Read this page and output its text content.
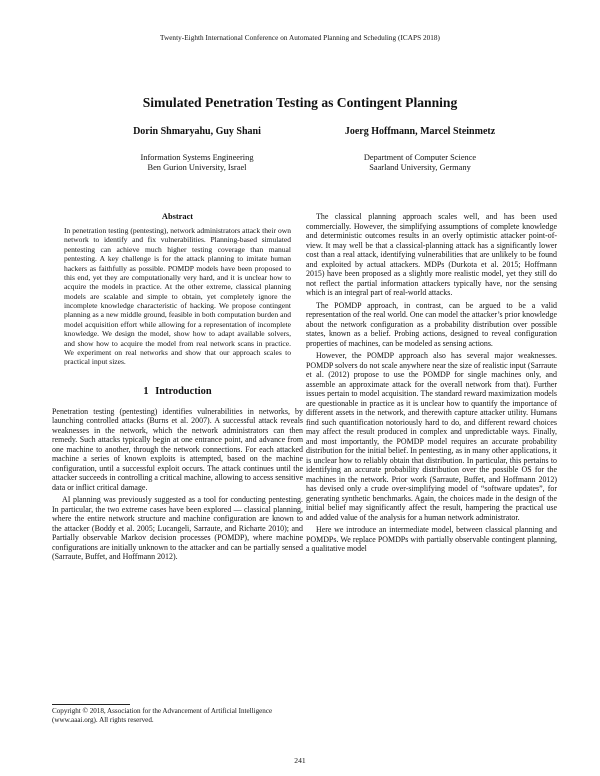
Twenty-Eighth International Conference on Automated Planning and Scheduling (ICAPS 2018)
Simulated Penetration Testing as Contingent Planning
Dorin Shmaryahu, Guy Shani
Information Systems Engineering
Ben Gurion University, Israel
Joerg Hoffmann, Marcel Steinmetz
Department of Computer Science
Saarland University, Germany
Abstract

In penetration testing (pentesting), network administrators attack their own network to identify and fix vulnerabilities. Planning-based simulated pentesting can achieve much higher testing coverage than manual pentesting. A key challenge is for the attack planning to imitate human hackers as faithfully as possible. POMDP models have been proposed to this end, yet they are computationally very hard, and it is unclear how to acquire the models in practice. At the other extreme, classical planning models are scalable and simple to obtain, yet completely ignore the incomplete knowledge characteristic of hacking. We propose contingent planning as a new middle ground, feasible in both computation burden and model acquisition effort while allowing for a representation of incomplete knowledge. We design the model, show how to adapt available solvers, and show how to acquire the model from real network scans in practice. We experiment on real networks and show that our approach scales to practical input sizes.

1 Introduction

Penetration testing (pentesting) identifies vulnerabilities in networks, by launching controlled attacks (Burns et al. 2007). A successful attack reveals weaknesses in the network, which the network administrators can then remedy. Such attacks typically begin at one entrance point, and advance from one machine to another, through the network connections. For each attacked machine a series of known exploits is attempted, based on the machine configuration, until a successful exploit occurs. The attack continues until the attacker succeeds in controlling a critical machine, allowing to access sensitive data or inflict critical damage.

AI planning was previously suggested as a tool for conducting pentesting. In particular, the two extreme cases have been explored — classical planning, where the entire network structure and machine configuration are known to the attacker (Boddy et al. 2005; Lucangeli, Sarraute, and Richarte 2010); and Partially observable Markov decision processes (POMDP), where machine configurations are initially unknown to the attacker and can be partially sensed (Sarraute, Buffet, and Hoffmann 2012).

The classical planning approach scales well, and has been used commercially. However, the simplifying assumptions of complete knowledge and deterministic outcomes results in an overly optimistic attacker point-of-view. It may well be that a classical-planning attack has a significantly lower cost than a real attack, identifying vulnerabilities that are unlikely to be found and exploited by actual attackers. MDPs (Durkota et al. 2015; Hoffmann 2015) have been proposed as a slightly more realistic model, yet they still do not reflect the partial information attackers typically have, nor the sensing which is an integral part of real-world attacks.

The POMDP approach, in contrast, can be argued to be a valid representation of the real world. One can model the attacker’s prior knowledge about the network configuration as a probability distribution over possible states, known as a belief. Probing actions, designed to reveal configuration properties of machines, can be modeled as sensing actions.

However, the POMDP approach also has several major weaknesses. POMDP solvers do not scale anywhere near the size of realistic input (Sarraute et al. (2012) propose to use the POMDP for single machines only, and assemble an approximate attack for the overall network from that). Further issues pertain to model acquisition. The standard reward maximization models are questionable in practice as it is unclear how to quantify the importance of different assets in the network, and therewith capture attacker utility. Humans find such quantification notoriously hard to do, and different reward choices may affect the result produced in complex and unpredictable ways. Finally, and most importantly, the POMDP model requires an accurate probability distribution for the initial belief. In pentesting, as in many other applications, it is unclear how to reliably obtain that distribution. In particular, this pertains to identifying an accurate probability distribution over the possible OS for the machines in the network. Prior work (Sarraute, Buffet, and Hoffmann 2012) has devised only a crude over-simplifying model of “software updates”, for generating synthetic benchmarks. Again, the choices made in the design of the initial belief may significantly affect the result, hampering the practical use and added value of the analysis for a human network administrator.

Here we introduce an intermediate model, between classical planning and POMDPs. We replace POMDPs with partially observable contingent planning, a qualitative model

Copyright © 2018, Association for the Advancement of Artificial Intelligence (www.aaai.org). All rights reserved.
241
